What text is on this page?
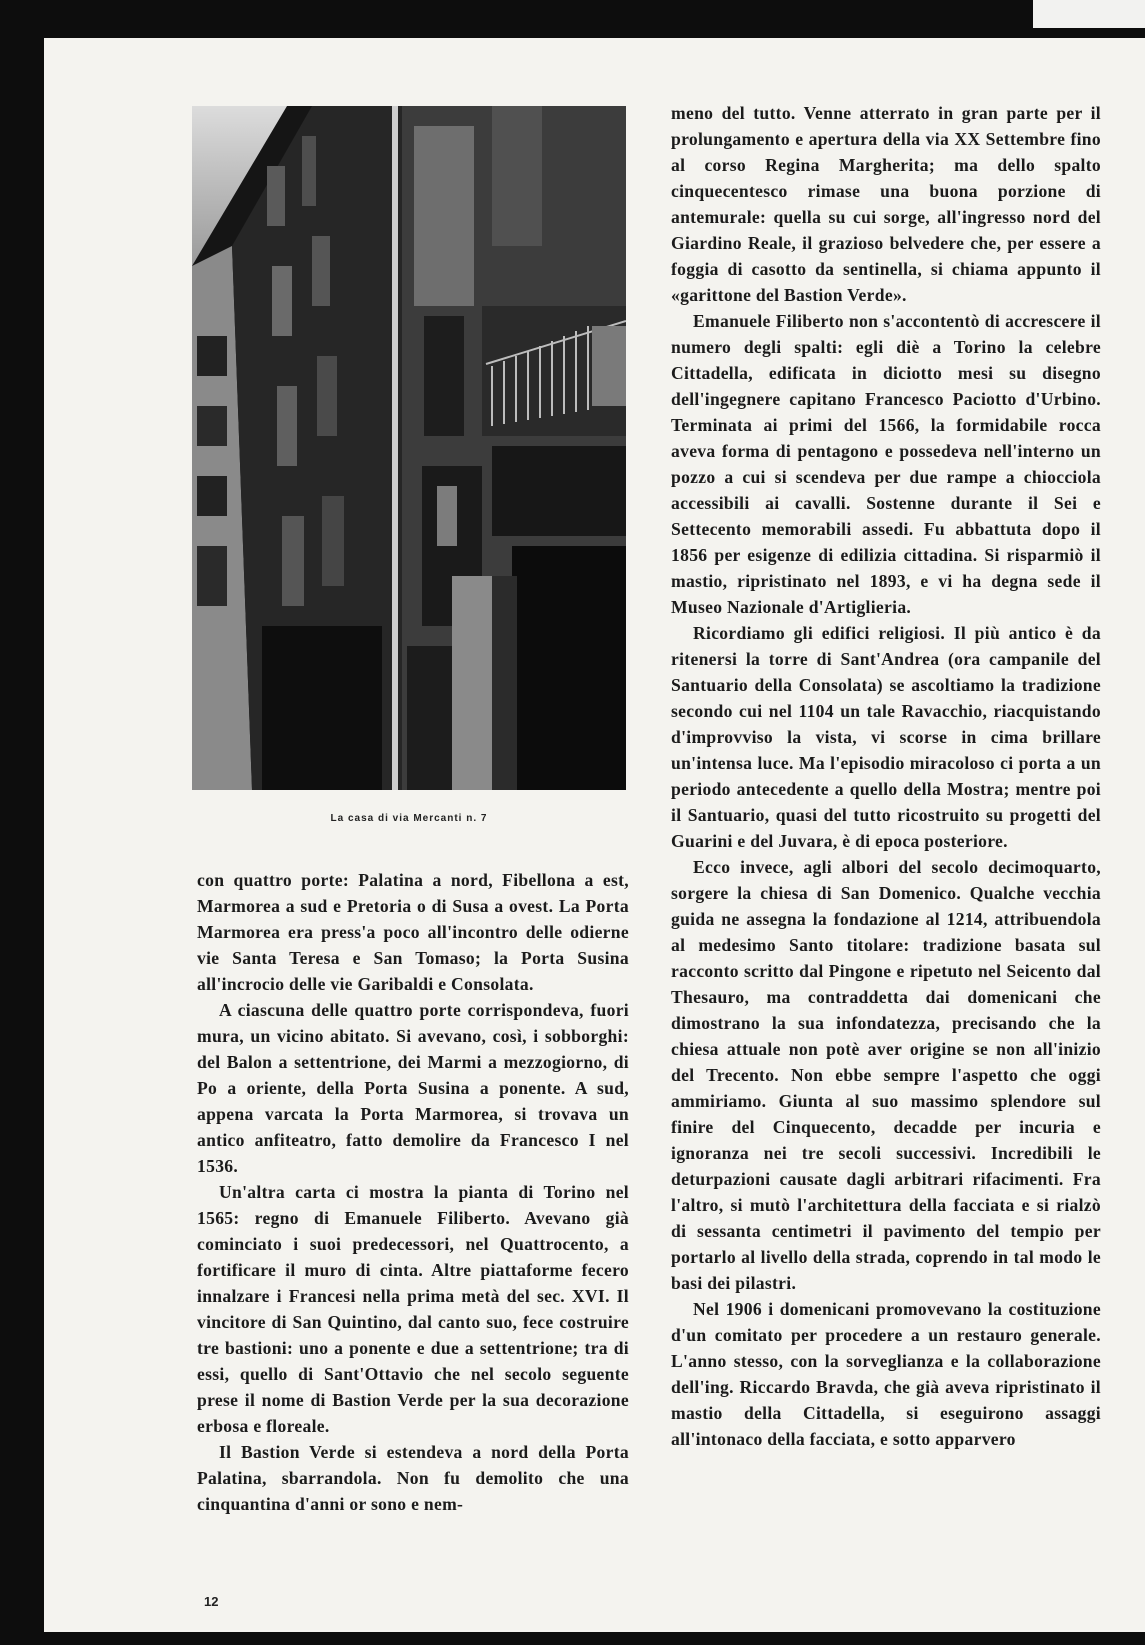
La casa di via Mercanti n. 7

con quattro porte: Palatina a nord, Fibellona a est, Marmorea a sud e Pretoria o di Susa a ovest. La Porta Marmorea era press'a poco all'incontro delle odierne vie Santa Teresa e San Tomaso; la Porta Susina all'incrocio delle vie Garibaldi e Consolata.

A ciascuna delle quattro porte corrispondeva, fuori mura, un vicino abitato. Si avevano, così, i sobborghi: del Balon a settentrione, dei Marmi a mezzogiorno, di Po a oriente, della Porta Susina a ponente. A sud, appena varcata la Porta Marmorea, si trovava un antico anfiteatro, fatto demolire da Francesco I nel 1536.

Un'altra carta ci mostra la pianta di Torino nel 1565: regno di Emanuele Filiberto. Avevano già cominciato i suoi predecessori, nel Quattrocento, a fortificare il muro di cinta. Altre piattaforme fecero innalzare i Francesi nella prima metà del sec. XVI. Il vincitore di San Quintino, dal canto suo, fece costruire tre bastioni: uno a ponente e due a settentrione; tra di essi, quello di Sant'Ottavio che nel secolo seguente prese il nome di Bastion Verde per la sua decorazione erbosa e floreale.

Il Bastion Verde si estendeva a nord della Porta Palatina, sbarrandola. Non fu demolito che una cinquantina d'anni or sono e nem-

meno del tutto. Venne atterrato in gran parte per il prolungamento e apertura della via XX Settembre fino al corso Regina Margherita; ma dello spalto cinquecentesco rimase una buona porzione di antemurale: quella su cui sorge, all'ingresso nord del Giardino Reale, il grazioso belvedere che, per essere a foggia di casotto da sentinella, si chiama appunto il «garittone del Bastion Verde».

Emanuele Filiberto non s'accontentò di accrescere il numero degli spalti: egli diè a Torino la celebre Cittadella, edificata in diciotto mesi su disegno dell'ingegnere capitano Francesco Paciotto d'Urbino. Terminata ai primi del 1566, la formidabile rocca aveva forma di pentagono e possedeva nell'interno un pozzo a cui si scendeva per due rampe a chiocciola accessibili ai cavalli. Sostenne durante il Sei e Settecento memorabili assedi. Fu abbattuta dopo il 1856 per esigenze di edilizia cittadina. Si risparmiò il mastio, ripristinato nel 1893, e vi ha degna sede il Museo Nazionale d'Artiglieria.

Ricordiamo gli edifici religiosi. Il più antico è da ritenersi la torre di Sant'Andrea (ora campanile del Santuario della Consolata) se ascoltiamo la tradizione secondo cui nel 1104 un tale Ravacchio, riacquistando d'improvviso la vista, vi scorse in cima brillare un'intensa luce. Ma l'episodio miracoloso ci porta a un periodo antecedente a quello della Mostra; mentre poi il Santuario, quasi del tutto ricostruito su progetti del Guarini e del Juvara, è di epoca posteriore.

Ecco invece, agli albori del secolo decimoquarto, sorgere la chiesa di San Domenico. Qualche vecchia guida ne assegna la fondazione al 1214, attribuendola al medesimo Santo titolare: tradizione basata sul racconto scritto dal Pingone e ripetuto nel Seicento dal Thesauro, ma contraddetta dai domenicani che dimostrano la sua infondatezza, precisando che la chiesa attuale non potè aver origine se non all'inizio del Trecento. Non ebbe sempre l'aspetto che oggi ammiriamo. Giunta al suo massimo splendore sul finire del Cinquecento, decadde per incuria e ignoranza nei tre secoli successivi. Incredibili le deturpazioni causate dagli arbitrari rifacimenti. Fra l'altro, si mutò l'architettura della facciata e si rialzò di sessanta centimetri il pavimento del tempio per portarlo al livello della strada, coprendo in tal modo le basi dei pilastri.

Nel 1906 i domenicani promovevano la costituzione d'un comitato per procedere a un restauro generale. L'anno stesso, con la sorveglianza e la collaborazione dell'ing. Riccardo Bravda, che già aveva ripristinato il mastio della Cittadella, si eseguirono assaggi all'intonaco della facciata, e sotto apparvero

12
